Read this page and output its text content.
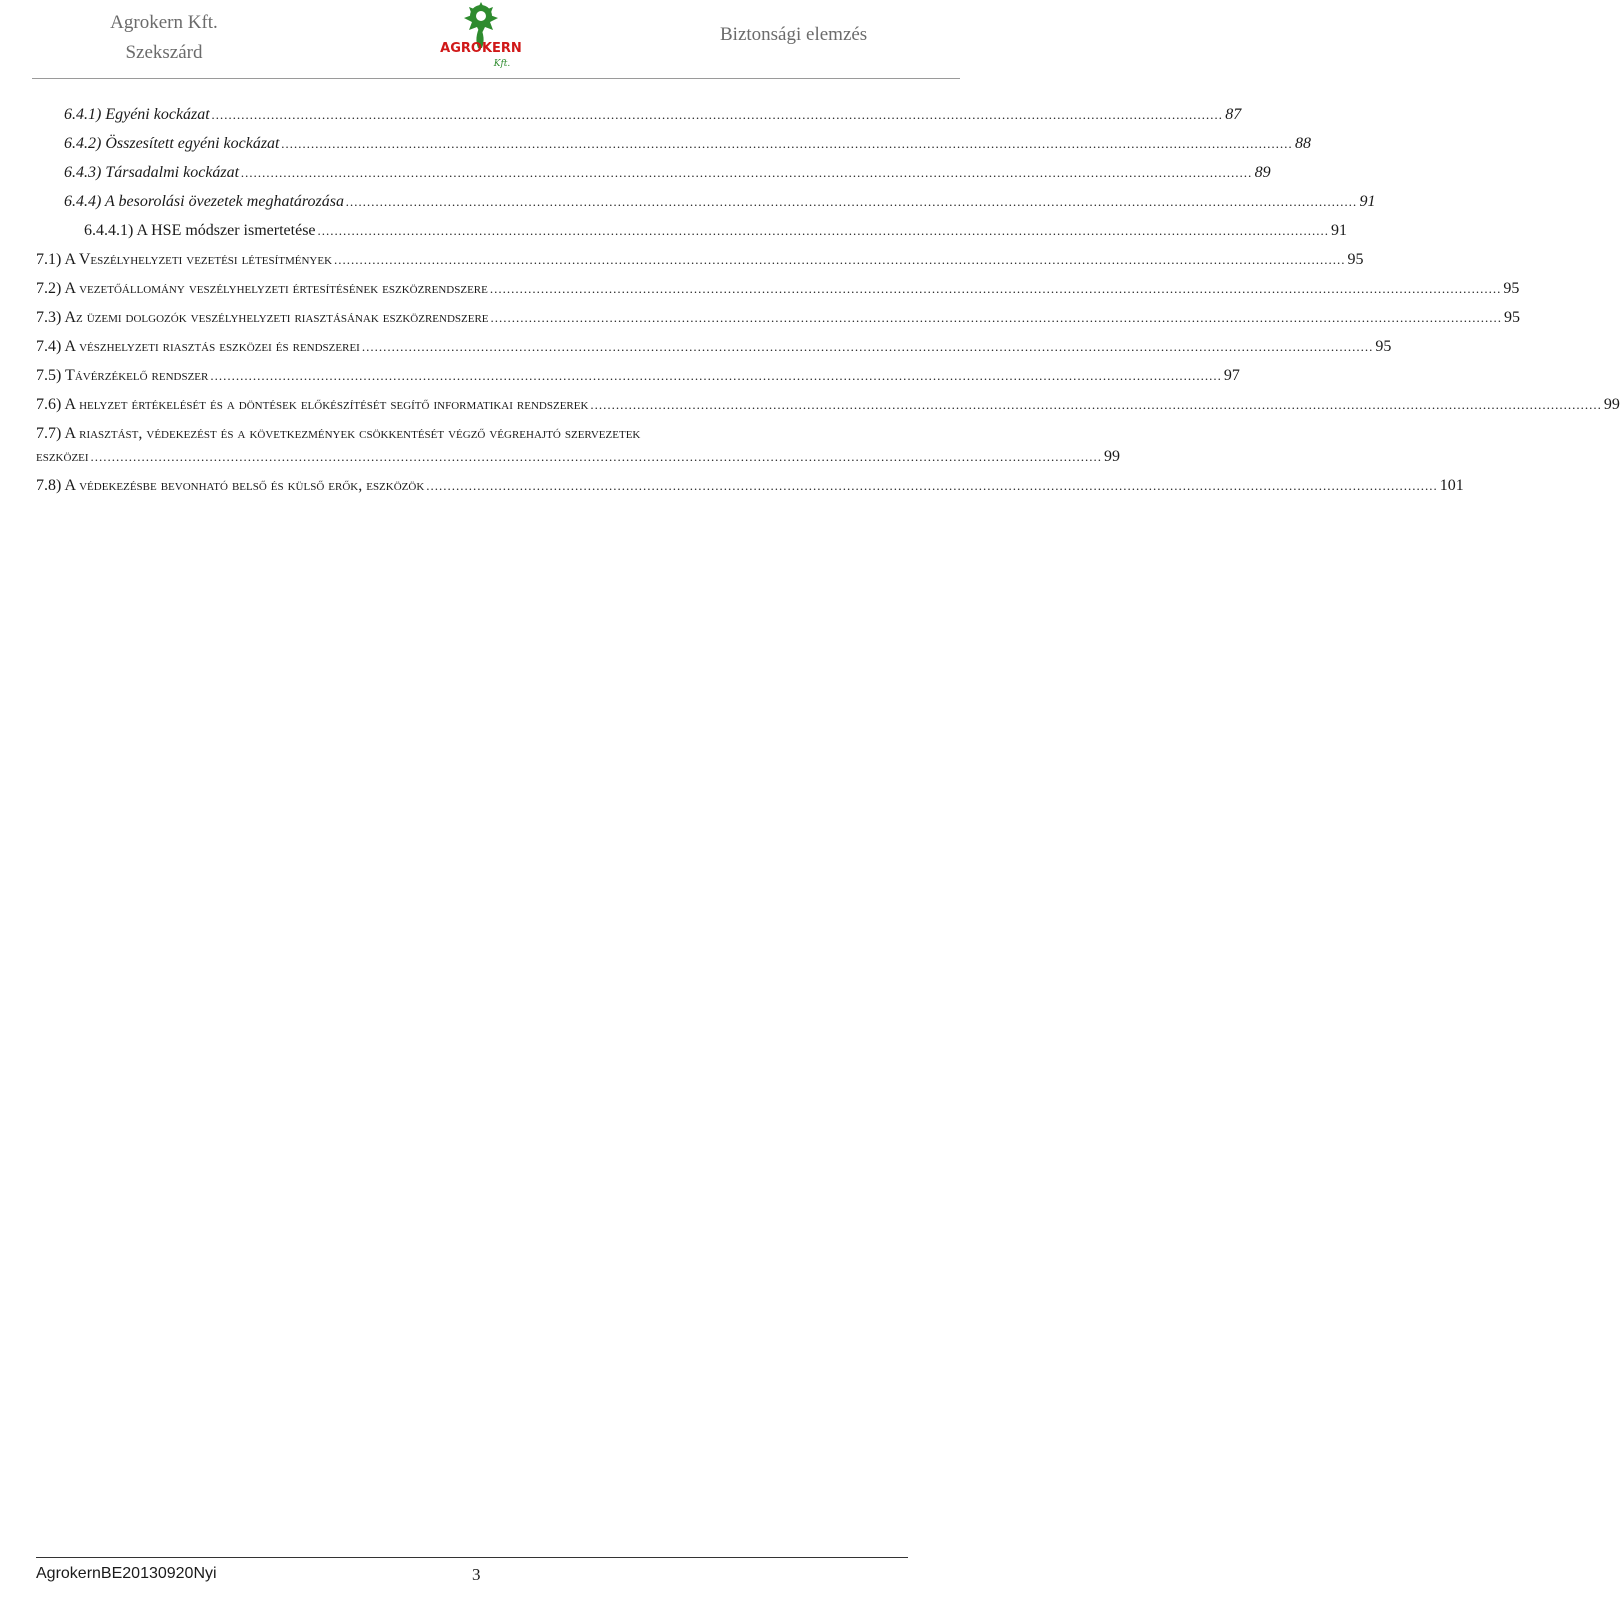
Agrokern Kft.
Szekszárd	AGROKERN
Kft.
Biztonsági elemzés
6.4.1) Egyéni kockázat .............................................................................................................................................................................................................................................. 87
6.4.2) Összesített egyéni kockázat .............................................................................................................................................................................................................................................. 88
6.4.3) Társadalmi kockázat .............................................................................................................................................................................................................................................. 89
6.4.4) A besorolási övezetek meghatározása .............................................................................................................................................................................................................................................. 91
6.4.4.1) A HSE módszer ismertetése .............................................................................................................................................................................................................................................. 91
7.1) A Veszélyhelyzeti vezetési létesítmények .............................................................................................................................................................................................................................................. 95
7.2) A vezetőállomány veszélyhelyzeti értesítésének eszközrendszere .............................................................................................................................................................................................................................................. 95
7.3) Az üzemi dolgozók veszélyhelyzeti riasztásának eszközrendszere .............................................................................................................................................................................................................................................. 95
7.4) A vészhelyzeti riasztás eszközei és rendszerei .............................................................................................................................................................................................................................................. 95
7.5) Távérzékelő rendszer .............................................................................................................................................................................................................................................. 97
7.6) A helyzet értékelését és a döntések előkészítését segítő informatikai rendszerek .............................................................................................................................................................................................................................................. 99
7.7) A riasztást, védekezést és a következmények csökkentését végző végrehajtó szervezetek
eszközei .............................................................................................................................................................................................................................................. 99
7.8) A védekezésbe bevonható belső és külső erők, eszközök .............................................................................................................................................................................................................................................. 101
AgrokernBE20130920Nyi	3
